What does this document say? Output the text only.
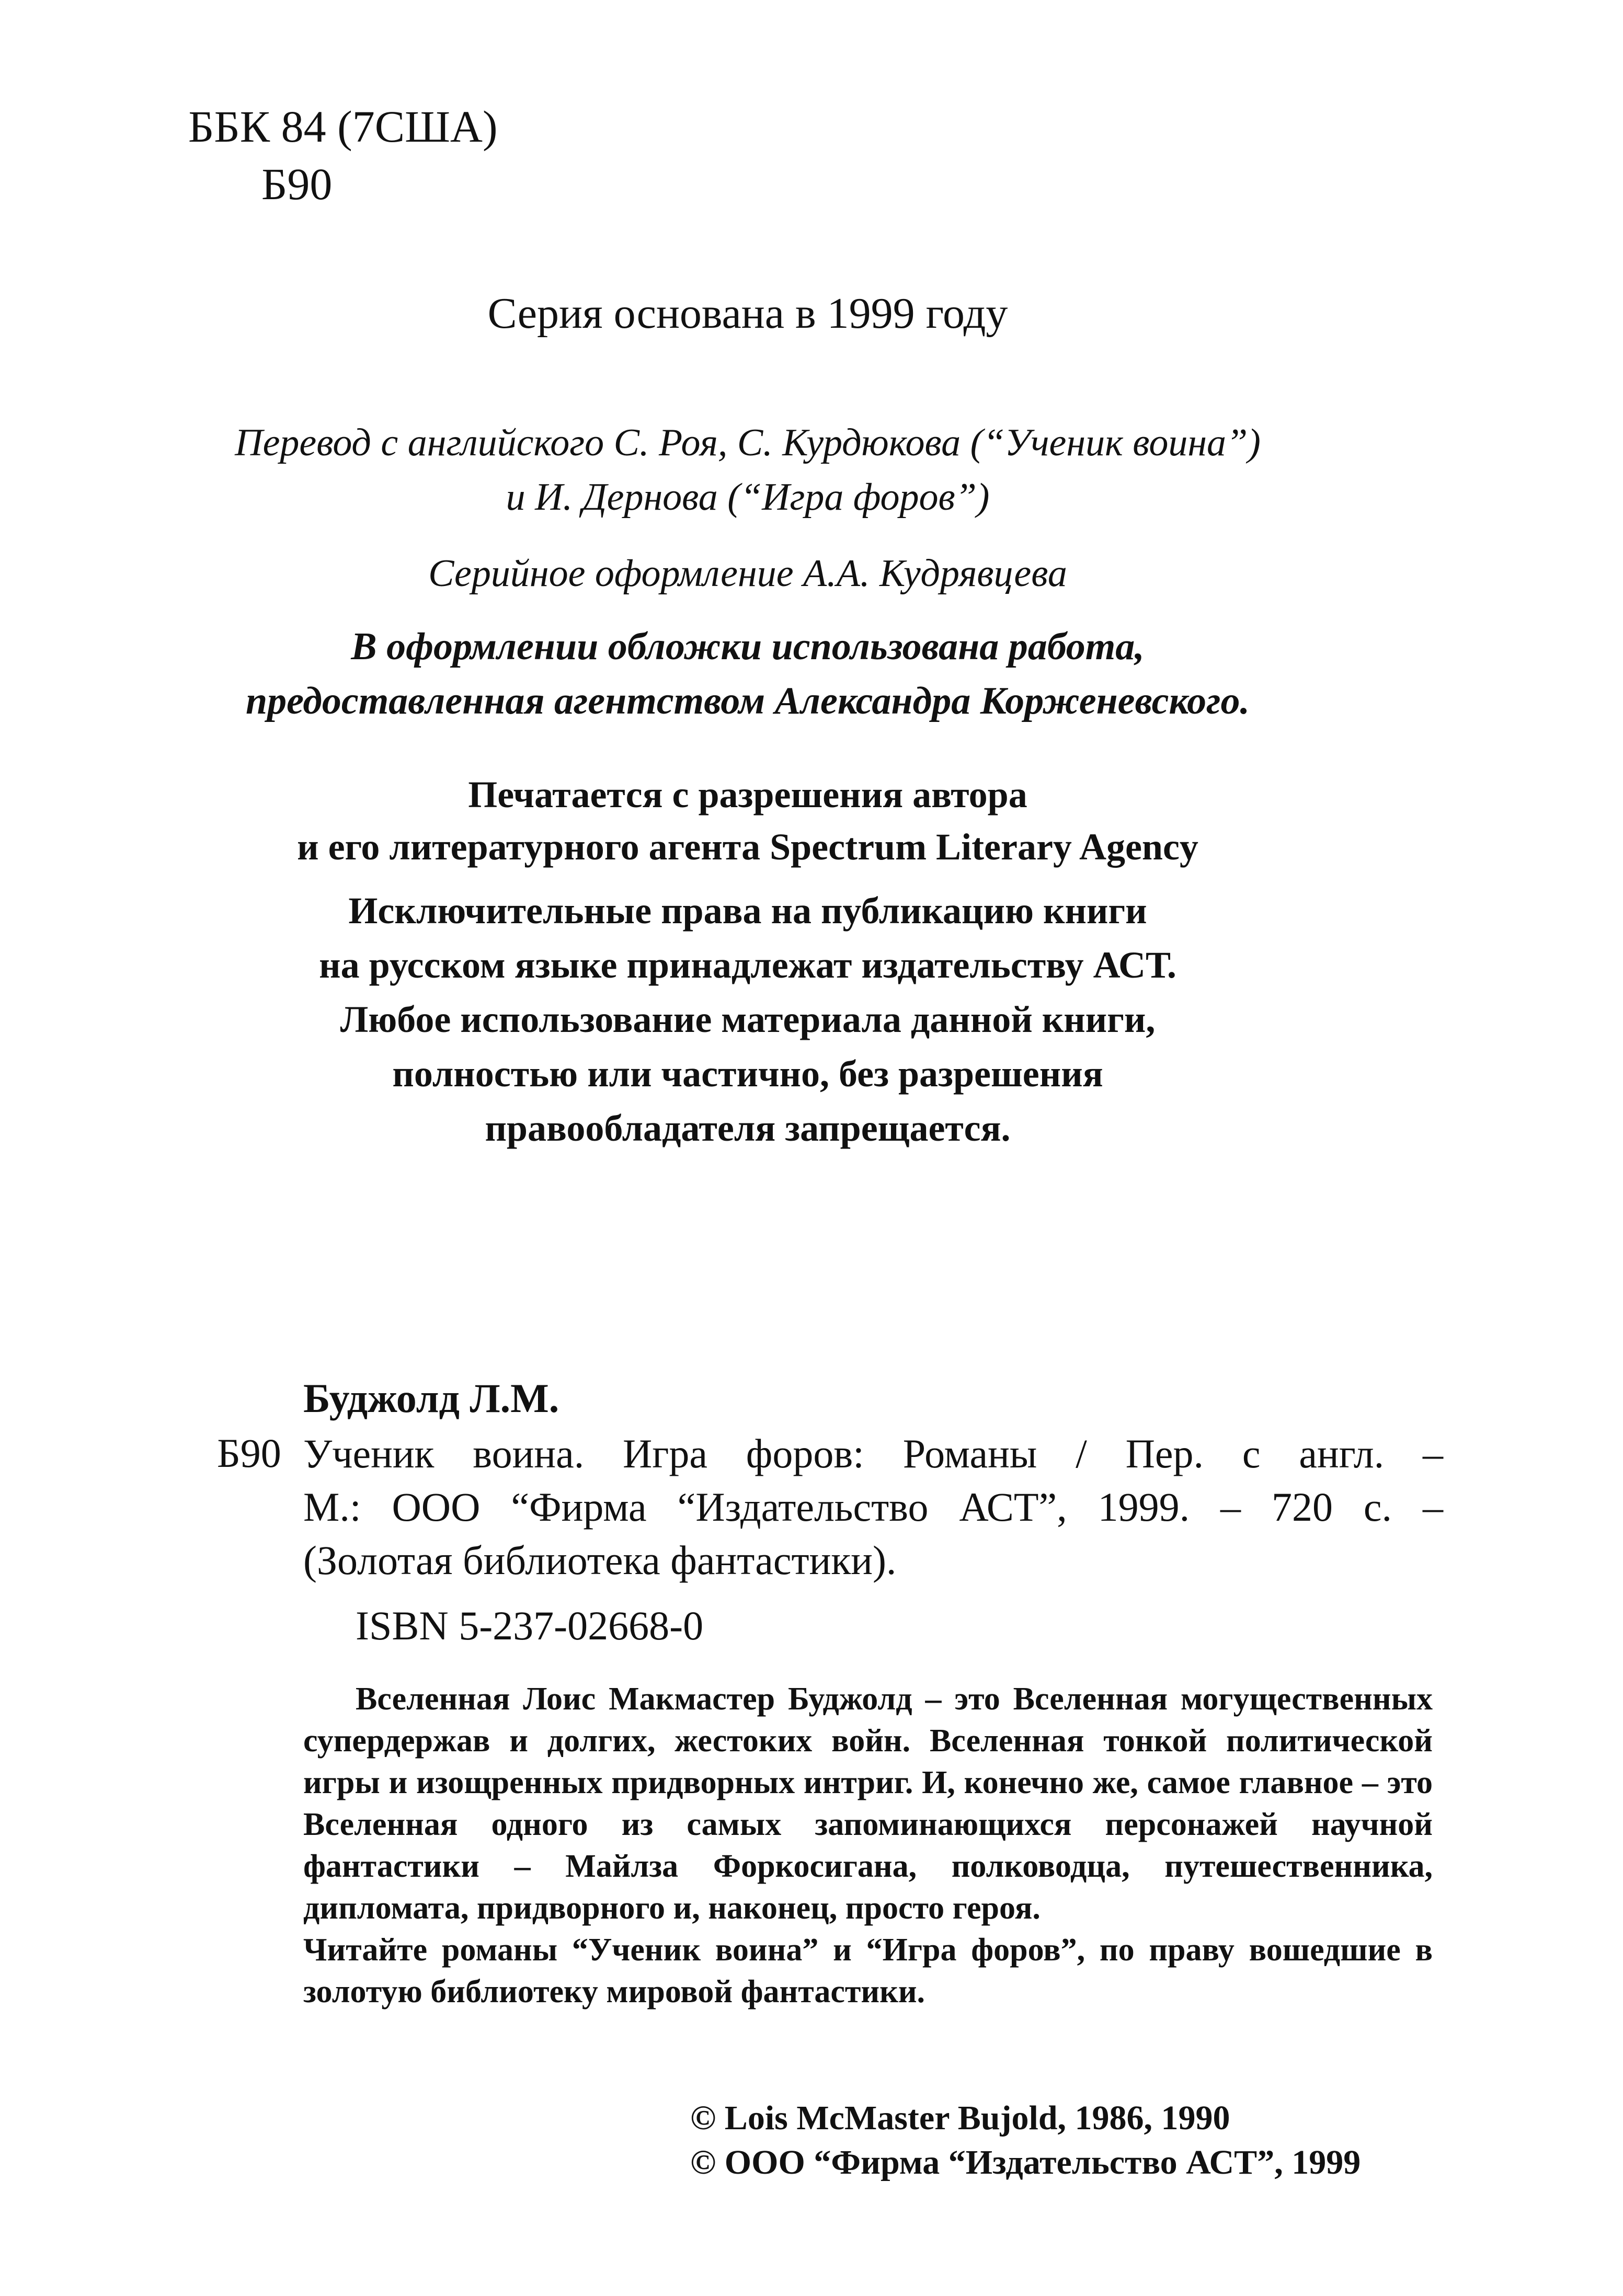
ББК 84 (7США)
Б90
Серия основана в 1999 году
Перевод с английского С. Роя, С. Курдюкова (“Ученик воина”)
и И. Дернова (“Игра форов”)
Серийное оформление А.А. Кудрявцева
В оформлении обложки использована работа,
предоставленная агентством Александра Корженевского.
Печатается с разрешения автора
и его литературного агента Spectrum Literary Agency
Исключительные права на публикацию книги
на русском языке принадлежат издательству АСТ.
Любое использование материала данной книги,
полностью или частично, без разрешения
правообладателя запрещается.
Буджолд Л.М.
Б90 Ученик воина. Игра форов: Романы / Пер. с англ. –
М.: ООО “Фирма “Издательство АСТ”, 1999. – 720 с. –
(Золотая библиотека фантастики).
ISBN 5-237-02668-0

Вселенная Лоис Макмастер Буджолд – это Вселенная могущественных супердержав и долгих, жестоких войн. Вселенная тонкой политической игры и изощренных придворных интриг. И, конечно же, самое главное – это Вселенная одного из самых запоминающихся персонажей научной фантастики – Майлза Форкосигана, полководца, путешественника, дипломата, придворного и, наконец, просто героя.

Читайте романы “Ученик воина” и “Игра форов”, по праву вошедшие в золотую библиотеку мировой фантастики.

© Lois McMaster Bujold, 1986, 1990
© ООО “Фирма “Издательство АСТ”, 1999
